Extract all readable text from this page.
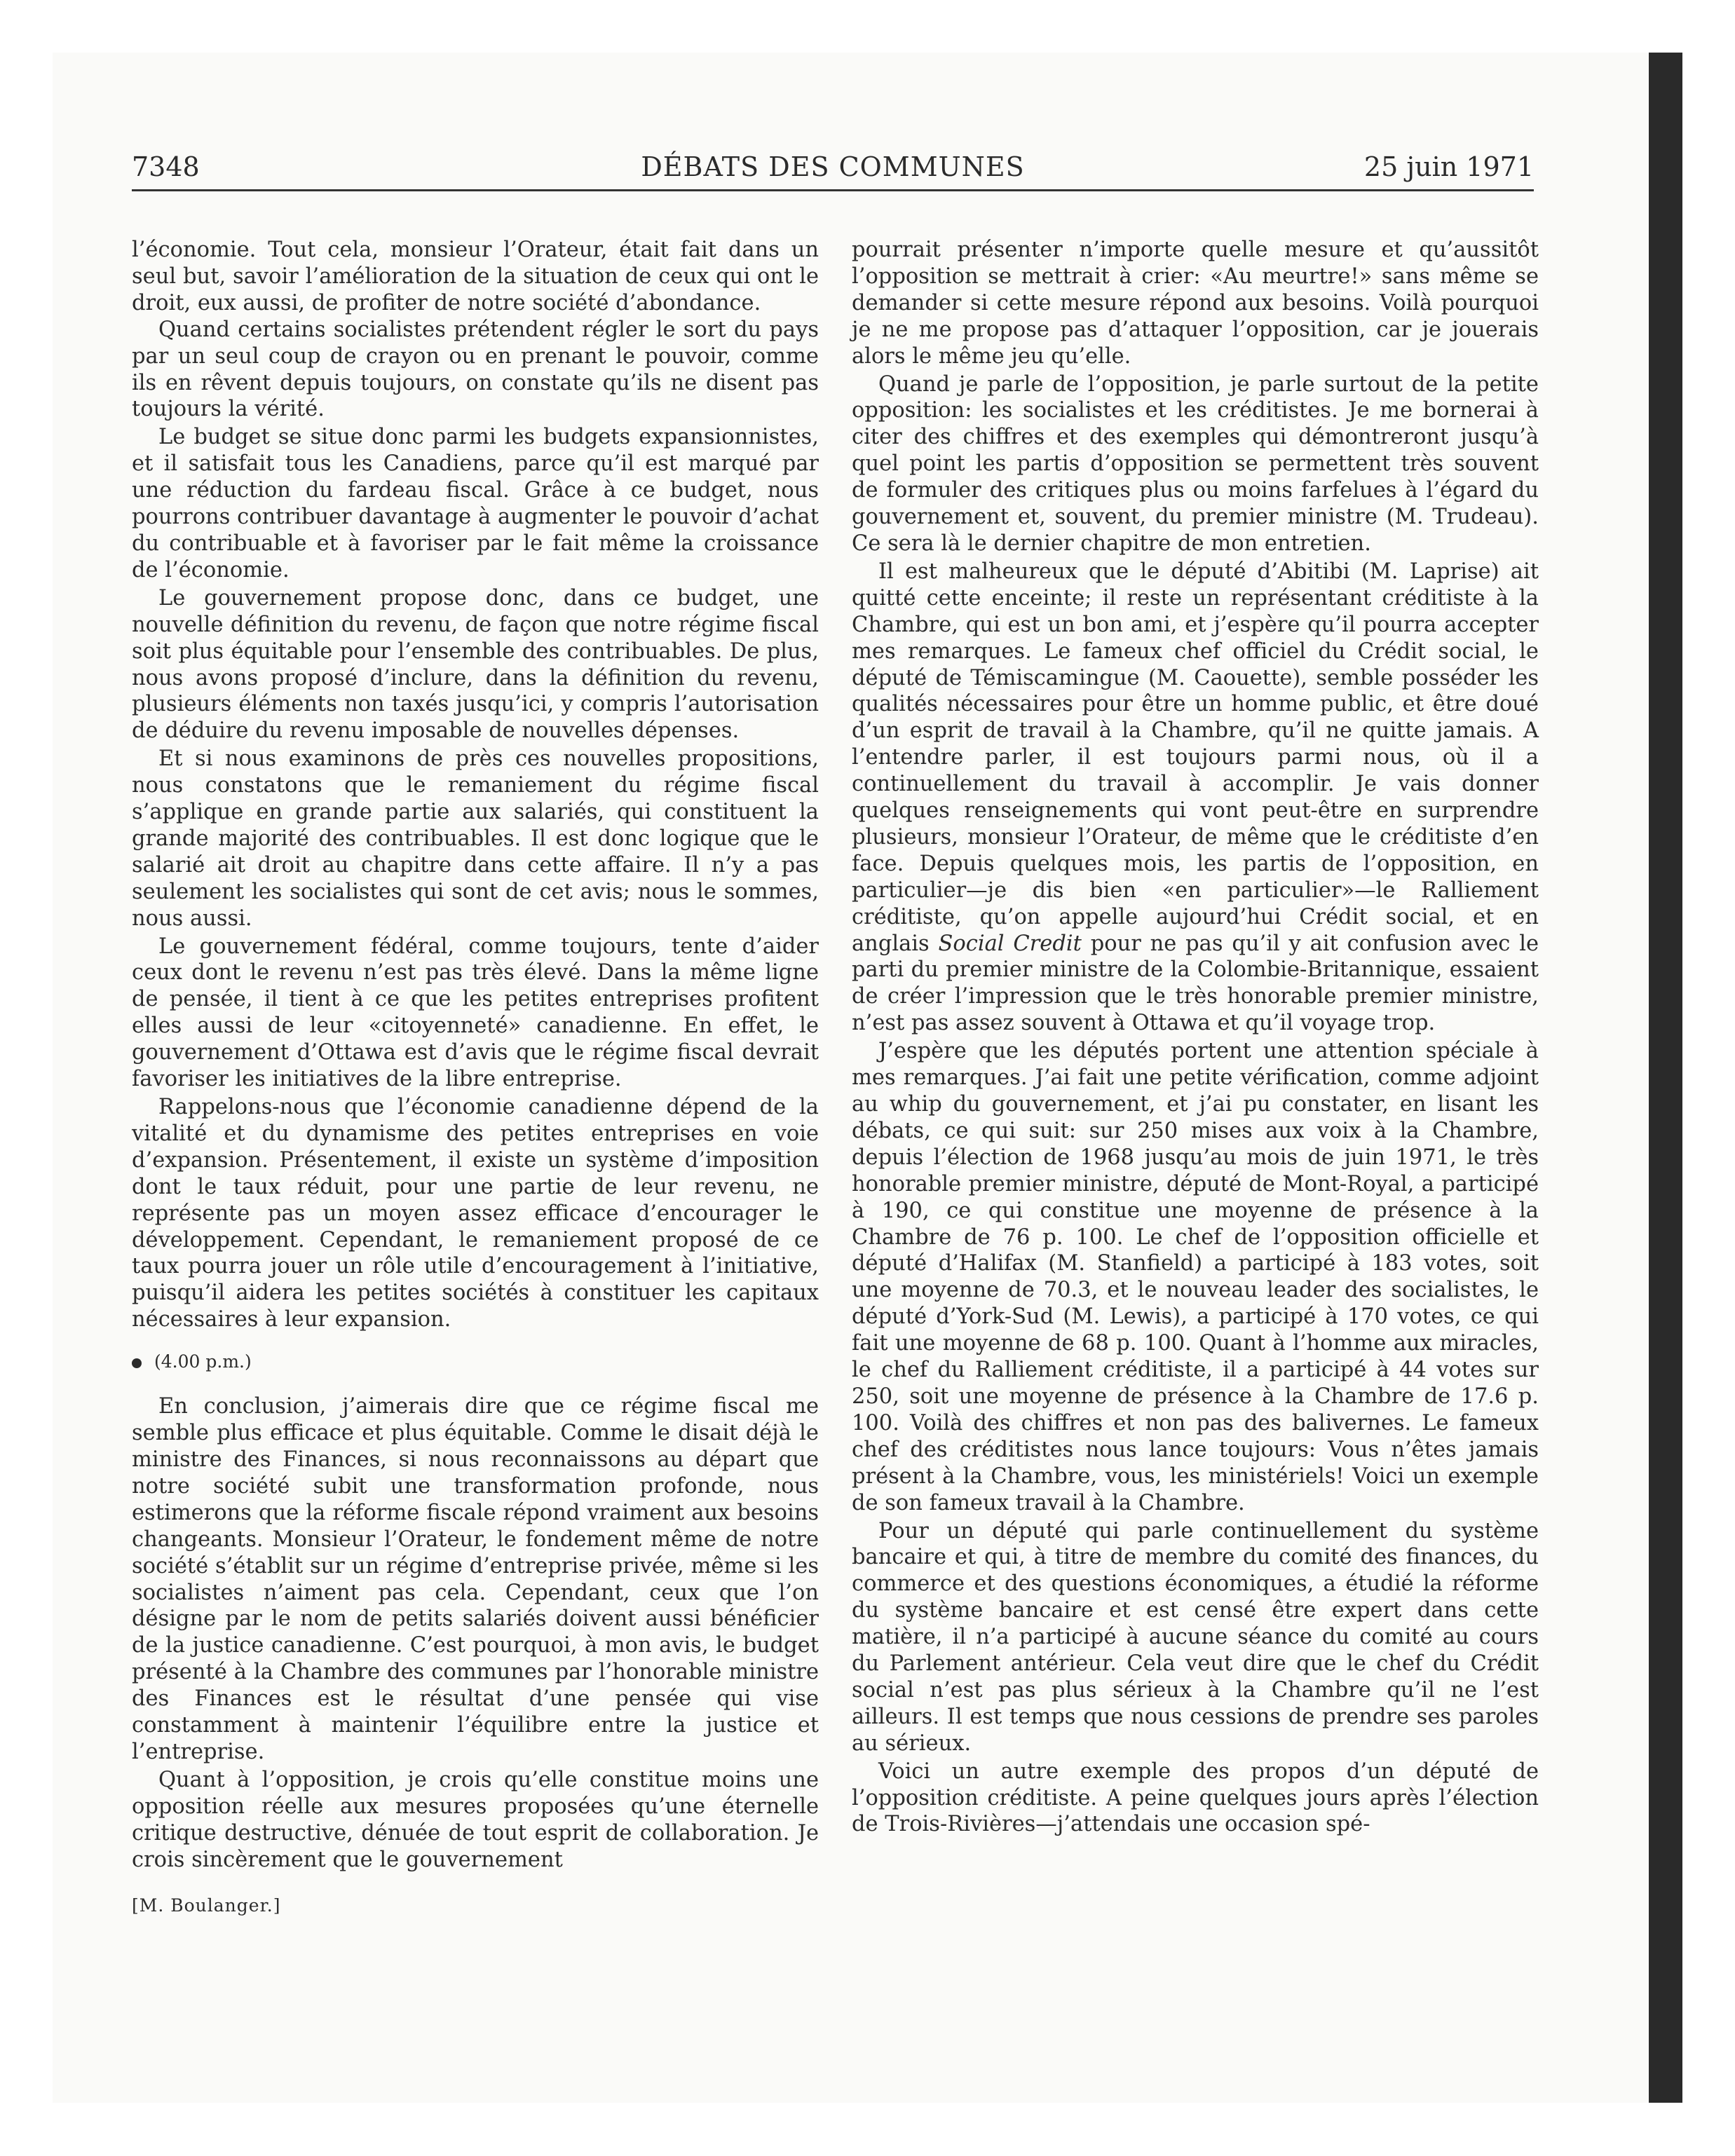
7348	DÉBATS DES COMMUNES	25 juin 1971

l’économie. Tout cela, monsieur l’Orateur, était fait dans un seul but, savoir l’amélioration de la situation de ceux qui ont le droit, eux aussi, de profiter de notre société d’abondance.

Quand certains socialistes prétendent régler le sort du pays par un seul coup de crayon ou en prenant le pouvoir, comme ils en rêvent depuis toujours, on constate qu’ils ne disent pas toujours la vérité.

Le budget se situe donc parmi les budgets expansionnistes, et il satisfait tous les Canadiens, parce qu’il est marqué par une réduction du fardeau fiscal. Grâce à ce budget, nous pourrons contribuer davantage à augmenter le pouvoir d’achat du contribuable et à favoriser par le fait même la croissance de l’économie.

Le gouvernement propose donc, dans ce budget, une nouvelle définition du revenu, de façon que notre régime fiscal soit plus équitable pour l’ensemble des contribuables. De plus, nous avons proposé d’inclure, dans la définition du revenu, plusieurs éléments non taxés jusqu’ici, y compris l’autorisation de déduire du revenu imposable de nouvelles dépenses.

Et si nous examinons de près ces nouvelles propositions, nous constatons que le remaniement du régime fiscal s’applique en grande partie aux salariés, qui constituent la grande majorité des contribuables. Il est donc logique que le salarié ait droit au chapitre dans cette affaire. Il n’y a pas seulement les socialistes qui sont de cet avis; nous le sommes, nous aussi.

Le gouvernement fédéral, comme toujours, tente d’aider ceux dont le revenu n’est pas très élevé. Dans la même ligne de pensée, il tient à ce que les petites entreprises profitent elles aussi de leur «citoyenneté» canadienne. En effet, le gouvernement d’Ottawa est d’avis que le régime fiscal devrait favoriser les initiatives de la libre entreprise.

Rappelons-nous que l’économie canadienne dépend de la vitalité et du dynamisme des petites entreprises en voie d’expansion. Présentement, il existe un système d’imposition dont le taux réduit, pour une partie de leur revenu, ne représente pas un moyen assez efficace d’encourager le développement. Cependant, le remaniement proposé de ce taux pourra jouer un rôle utile d’encouragement à l’initiative, puisqu’il aidera les petites sociétés à constituer les capitaux nécessaires à leur expansion.

(4.00 p.m.)

En conclusion, j’aimerais dire que ce régime fiscal me semble plus efficace et plus équitable. Comme le disait déjà le ministre des Finances, si nous reconnaissons au départ que notre société subit une transformation profonde, nous estimerons que la réforme fiscale répond vraiment aux besoins changeants. Monsieur l’Orateur, le fondement même de notre société s’établit sur un régime d’entreprise privée, même si les socialistes n’aiment pas cela. Cependant, ceux que l’on désigne par le nom de petits salariés doivent aussi bénéficier de la justice canadienne. C’est pourquoi, à mon avis, le budget présenté à la Chambre des communes par l’honorable ministre des Finances est le résultat d’une pensée qui vise constamment à maintenir l’équilibre entre la justice et l’entreprise.

Quant à l’opposition, je crois qu’elle constitue moins une opposition réelle aux mesures proposées qu’une éternelle critique destructive, dénuée de tout esprit de collaboration. Je crois sincèrement que le gouvernement

[M. Boulanger.]

pourrait présenter n’importe quelle mesure et qu’aussitôt l’opposition se mettrait à crier: «Au meurtre!» sans même se demander si cette mesure répond aux besoins. Voilà pourquoi je ne me propose pas d’attaquer l’opposition, car je jouerais alors le même jeu qu’elle.

Quand je parle de l’opposition, je parle surtout de la petite opposition: les socialistes et les créditistes. Je me bornerai à citer des chiffres et des exemples qui démontreront jusqu’à quel point les partis d’opposition se permettent très souvent de formuler des critiques plus ou moins farfelues à l’égard du gouvernement et, souvent, du premier ministre (M. Trudeau). Ce sera là le dernier chapitre de mon entretien.

Il est malheureux que le député d’Abitibi (M. Laprise) ait quitté cette enceinte; il reste un représentant créditiste à la Chambre, qui est un bon ami, et j’espère qu’il pourra accepter mes remarques. Le fameux chef officiel du Crédit social, le député de Témiscamingue (M. Caouette), semble posséder les qualités nécessaires pour être un homme public, et être doué d’un esprit de travail à la Chambre, qu’il ne quitte jamais. A l’entendre parler, il est toujours parmi nous, où il a continuellement du travail à accomplir. Je vais donner quelques renseignements qui vont peut-être en surprendre plusieurs, monsieur l’Orateur, de même que le créditiste d’en face. Depuis quelques mois, les partis de l’opposition, en particulier—je dis bien «en particulier»—le Ralliement créditiste, qu’on appelle aujourd’hui Crédit social, et en anglais Social Credit pour ne pas qu’il y ait confusion avec le parti du premier ministre de la Colombie-Britannique, essaient de créer l’impression que le très honorable premier ministre, n’est pas assez souvent à Ottawa et qu’il voyage trop.

J’espère que les députés portent une attention spéciale à mes remarques. J’ai fait une petite vérification, comme adjoint au whip du gouvernement, et j’ai pu constater, en lisant les débats, ce qui suit: sur 250 mises aux voix à la Chambre, depuis l’élection de 1968 jusqu’au mois de juin 1971, le très honorable premier ministre, député de Mont-Royal, a participé à 190, ce qui constitue une moyenne de présence à la Chambre de 76 p. 100. Le chef de l’opposition officielle et député d’Halifax (M. Stanfield) a participé à 183 votes, soit une moyenne de 70.3, et le nouveau leader des socialistes, le député d’York-Sud (M. Lewis), a participé à 170 votes, ce qui fait une moyenne de 68 p. 100. Quant à l’homme aux miracles, le chef du Ralliement créditiste, il a participé à 44 votes sur 250, soit une moyenne de présence à la Chambre de 17.6 p. 100. Voilà des chiffres et non pas des balivernes. Le fameux chef des créditistes nous lance toujours: Vous n’êtes jamais présent à la Chambre, vous, les ministériels! Voici un exemple de son fameux travail à la Chambre.

Pour un député qui parle continuellement du système bancaire et qui, à titre de membre du comité des finances, du commerce et des questions économiques, a étudié la réforme du système bancaire et est censé être expert dans cette matière, il n’a participé à aucune séance du comité au cours du Parlement antérieur. Cela veut dire que le chef du Crédit social n’est pas plus sérieux à la Chambre qu’il ne l’est ailleurs. Il est temps que nous cessions de prendre ses paroles au sérieux.

Voici un autre exemple des propos d’un député de l’opposition créditiste. A peine quelques jours après l’élection de Trois-Rivières—j’attendais une occasion spé-
